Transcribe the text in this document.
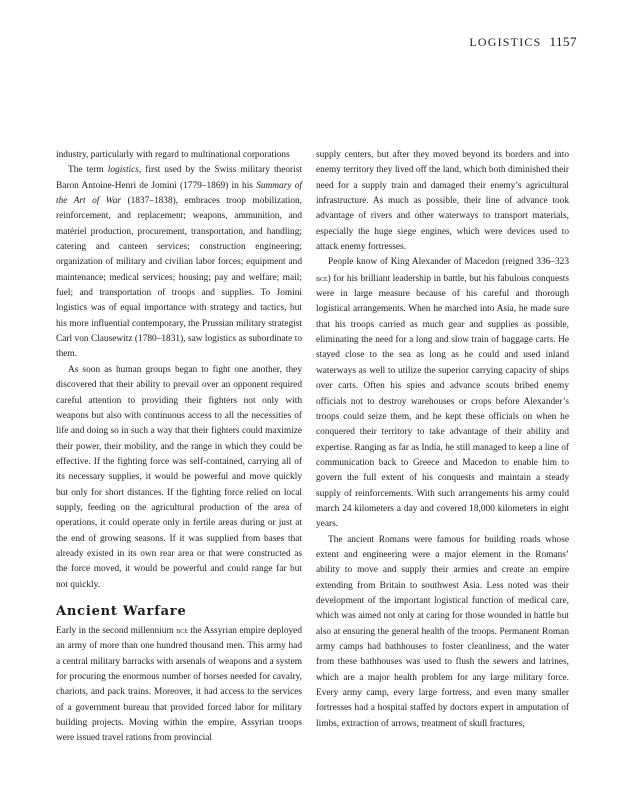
LOGISTICS 1157

industry, particularly with regard to multinational corporations

The term logistics, first used by the Swiss military theorist Baron Antoine-Henri de Jomini (1779–1869) in his Summary of the Art of War (1837–1838), embraces troop mobilization, reinforcement, and replacement; weapons, ammunition, and matériel production, procurement, transportation, and handling; catering and canteen services; construction engineering; organization of military and civilian labor forces; equipment and maintenance; medical services; housing; pay and welfare; mail; fuel; and transportation of troops and supplies. To Jomini logistics was of equal importance with strategy and tactics, but his more influential contemporary, the Prussian military strategist Carl von Clausewitz (1780–1831), saw logistics as subordinate to them.

As soon as human groups began to fight one another, they discovered that their ability to prevail over an opponent required careful attention to providing their fighters not only with weapons but also with continuous access to all the necessities of life and doing so in such a way that their fighters could maximize their power, their mobility, and the range in which they could be effective. If the fighting force was self-contained, carrying all of its necessary supplies, it would be powerful and move quickly but only for short distances. If the fighting force relied on local supply, feeding on the agricultural production of the area of operations, it could operate only in fertile areas during or just at the end of growing seasons. If it was supplied from bases that already existed in its own rear area or that were constructed as the force moved, it would be powerful and could range far but not quickly.

Ancient Warfare

Early in the second millennium bce the Assyrian empire deployed an army of more than one hundred thousand men. This army had a central military barracks with arsenals of weapons and a system for procuring the enormous number of horses needed for cavalry, chariots, and pack trains. Moreover, it had access to the services of a government bureau that provided forced labor for military building projects. Moving within the empire, Assyrian troops were issued travel rations from provincial

supply centers, but after they moved beyond its borders and into enemy territory they lived off the land, which both diminished their need for a supply train and damaged their enemy’s agricultural infrastructure. As much as possible, their line of advance took advantage of rivers and other waterways to transport materials, especially the huge siege engines, which were devices used to attack enemy fortresses.

People know of King Alexander of Macedon (reigned 336–323 bce) for his brilliant leadership in battle, but his fabulous conquests were in large measure because of his careful and thorough logistical arrangements. When he marched into Asia, he made sure that his troops carried as much gear and supplies as possible, eliminating the need for a long and slow train of baggage carts. He stayed close to the sea as long as he could and used inland waterways as well to utilize the superior carrying capacity of ships over carts. Often his spies and advance scouts bribed enemy officials not to destroy warehouses or crops before Alexander’s troops could seize them, and he kept these officials on when he conquered their territory to take advantage of their ability and expertise. Ranging as far as India, he still managed to keep a line of communication back to Greece and Macedon to enable him to govern the full extent of his conquests and maintain a steady supply of reinforcements. With such arrangements his army could march 24 kilometers a day and covered 18,000 kilometers in eight years.

The ancient Romans were famous for building roads whose extent and engineering were a major element in the Romans’ ability to move and supply their armies and create an empire extending from Britain to southwest Asia. Less noted was their development of the important logistical function of medical care, which was aimed not only at caring for those wounded in battle but also at ensuring the general health of the troops. Permanent Roman army camps had bathhouses to foster cleanliness, and the water from these bathhouses was used to flush the sewers and latrines, which are a major health problem for any large military force. Every army camp, every large fortress, and even many smaller fortresses had a hospital staffed by doctors expert in amputation of limbs, extraction of arrows, treatment of skull fractures,
